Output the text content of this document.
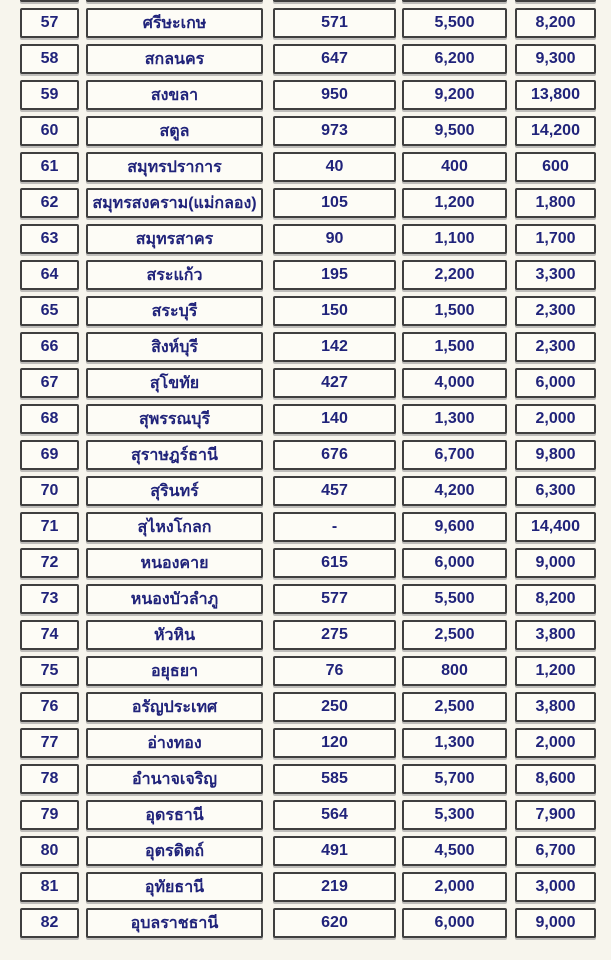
57	ศรีษะเกษ	571	5,500	8,200
58	สกลนคร	647	6,200	9,300
59	สงขลา	950	9,200	13,800
60	สตูล	973	9,500	14,200
61	สมุทรปราการ	40	400	600
62	สมุทรสงคราม(แม่กลอง)	105	1,200	1,800
63	สมุทรสาคร	90	1,100	1,700
64	สระแก้ว	195	2,200	3,300
65	สระบุรี	150	1,500	2,300
66	สิงห์บุรี	142	1,500	2,300
67	สุโขทัย	427	4,000	6,000
68	สุพรรณบุรี	140	1,300	2,000
69	สุราษฎร์ธานี	676	6,700	9,800
70	สุรินทร์	457	4,200	6,300
71	สุไหงโกลก	-	9,600	14,400
72	หนองคาย	615	6,000	9,000
73	หนองบัวลำภู	577	5,500	8,200
74	หัวหิน	275	2,500	3,800
75	อยุธยา	76	800	1,200
76	อรัญประเทศ	250	2,500	3,800
77	อ่างทอง	120	1,300	2,000
78	อำนาจเจริญ	585	5,700	8,600
79	อุดรธานี	564	5,300	7,900
80	อุตรดิตถ์	491	4,500	6,700
81	อุทัยธานี	219	2,000	3,000
82	อุบลราชธานี	620	6,000	9,000
